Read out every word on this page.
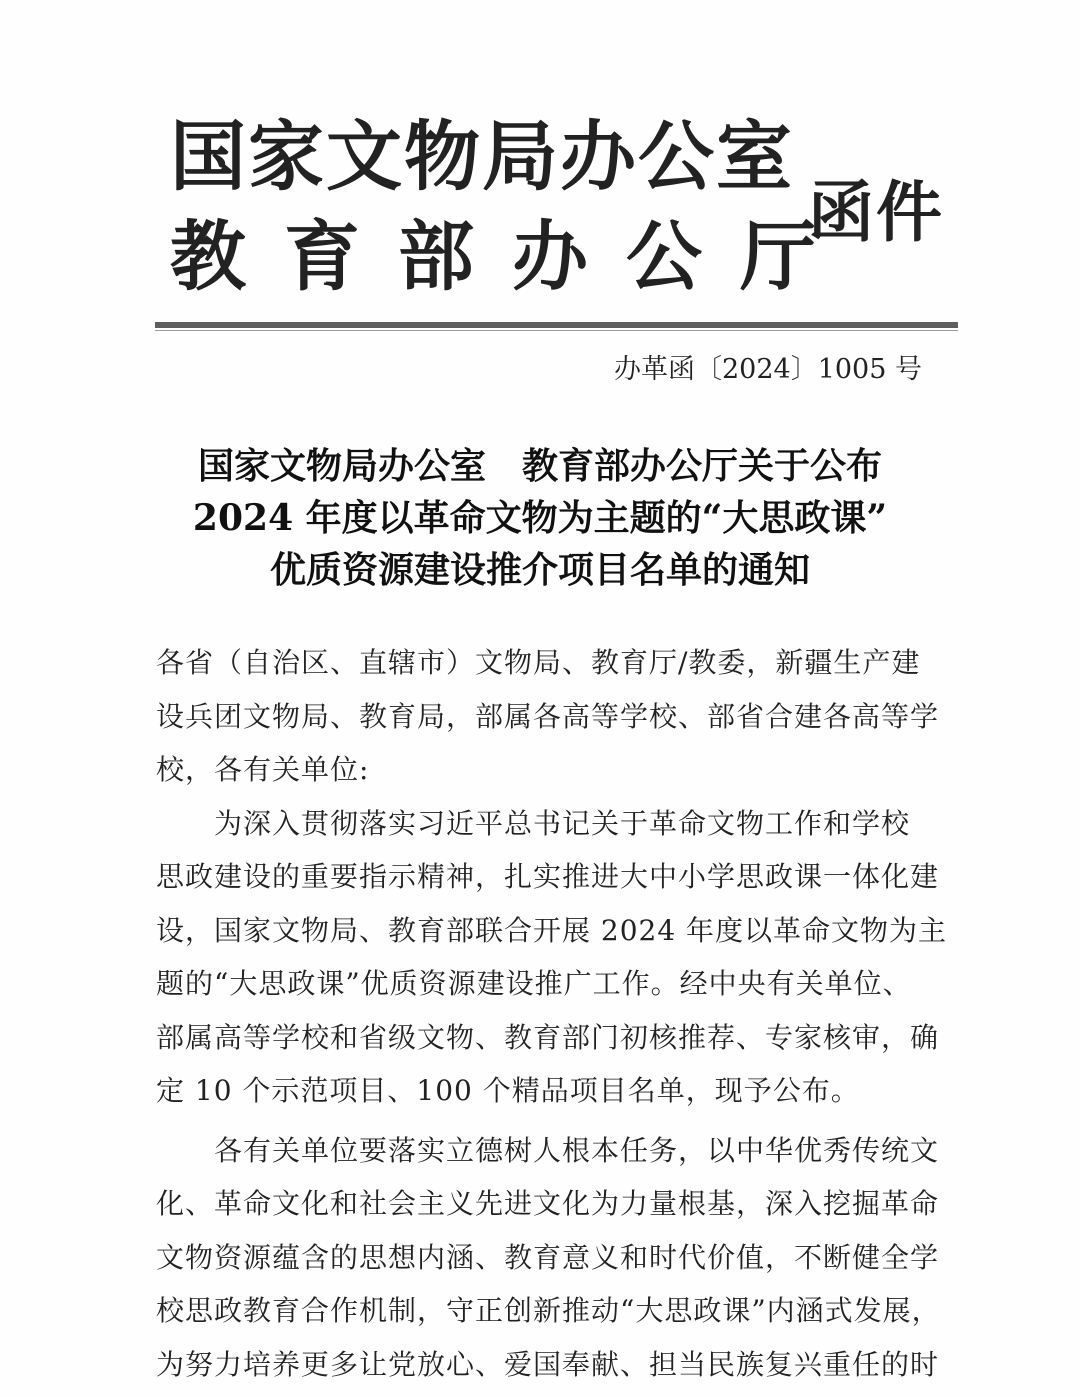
国家文物局办公室
教育部办公厅
函件
办革函〔2024〕1005 号
国家文物局办公室　教育部办公厅关于公布
2024 年度以革命文物为主题的“大思政课”
优质资源建设推介项目名单的通知
各省（自治区、直辖市）文物局、教育厅/教委，新疆生产建
设兵团文物局、教育局，部属各高等学校、部省合建各高等学
校，各有关单位:
为深入贯彻落实习近平总书记关于革命文物工作和学校
思政建设的重要指示精神，扎实推进大中小学思政课一体化建
设，国家文物局、教育部联合开展 2024 年度以革命文物为主
题的“大思政课”优质资源建设推广工作。经中央有关单位、
部属高等学校和省级文物、教育部门初核推荐、专家核审，确
定 10 个示范项目、100 个精品项目名单，现予公布。
各有关单位要落实立德树人根本任务，以中华优秀传统文
化、革命文化和社会主义先进文化为力量根基，深入挖掘革命
文物资源蕴含的思想内涵、教育意义和时代价值，不断健全学
校思政教育合作机制，守正创新推动“大思政课”内涵式发展，
为努力培养更多让党放心、爱国奉献、担当民族复兴重任的时
